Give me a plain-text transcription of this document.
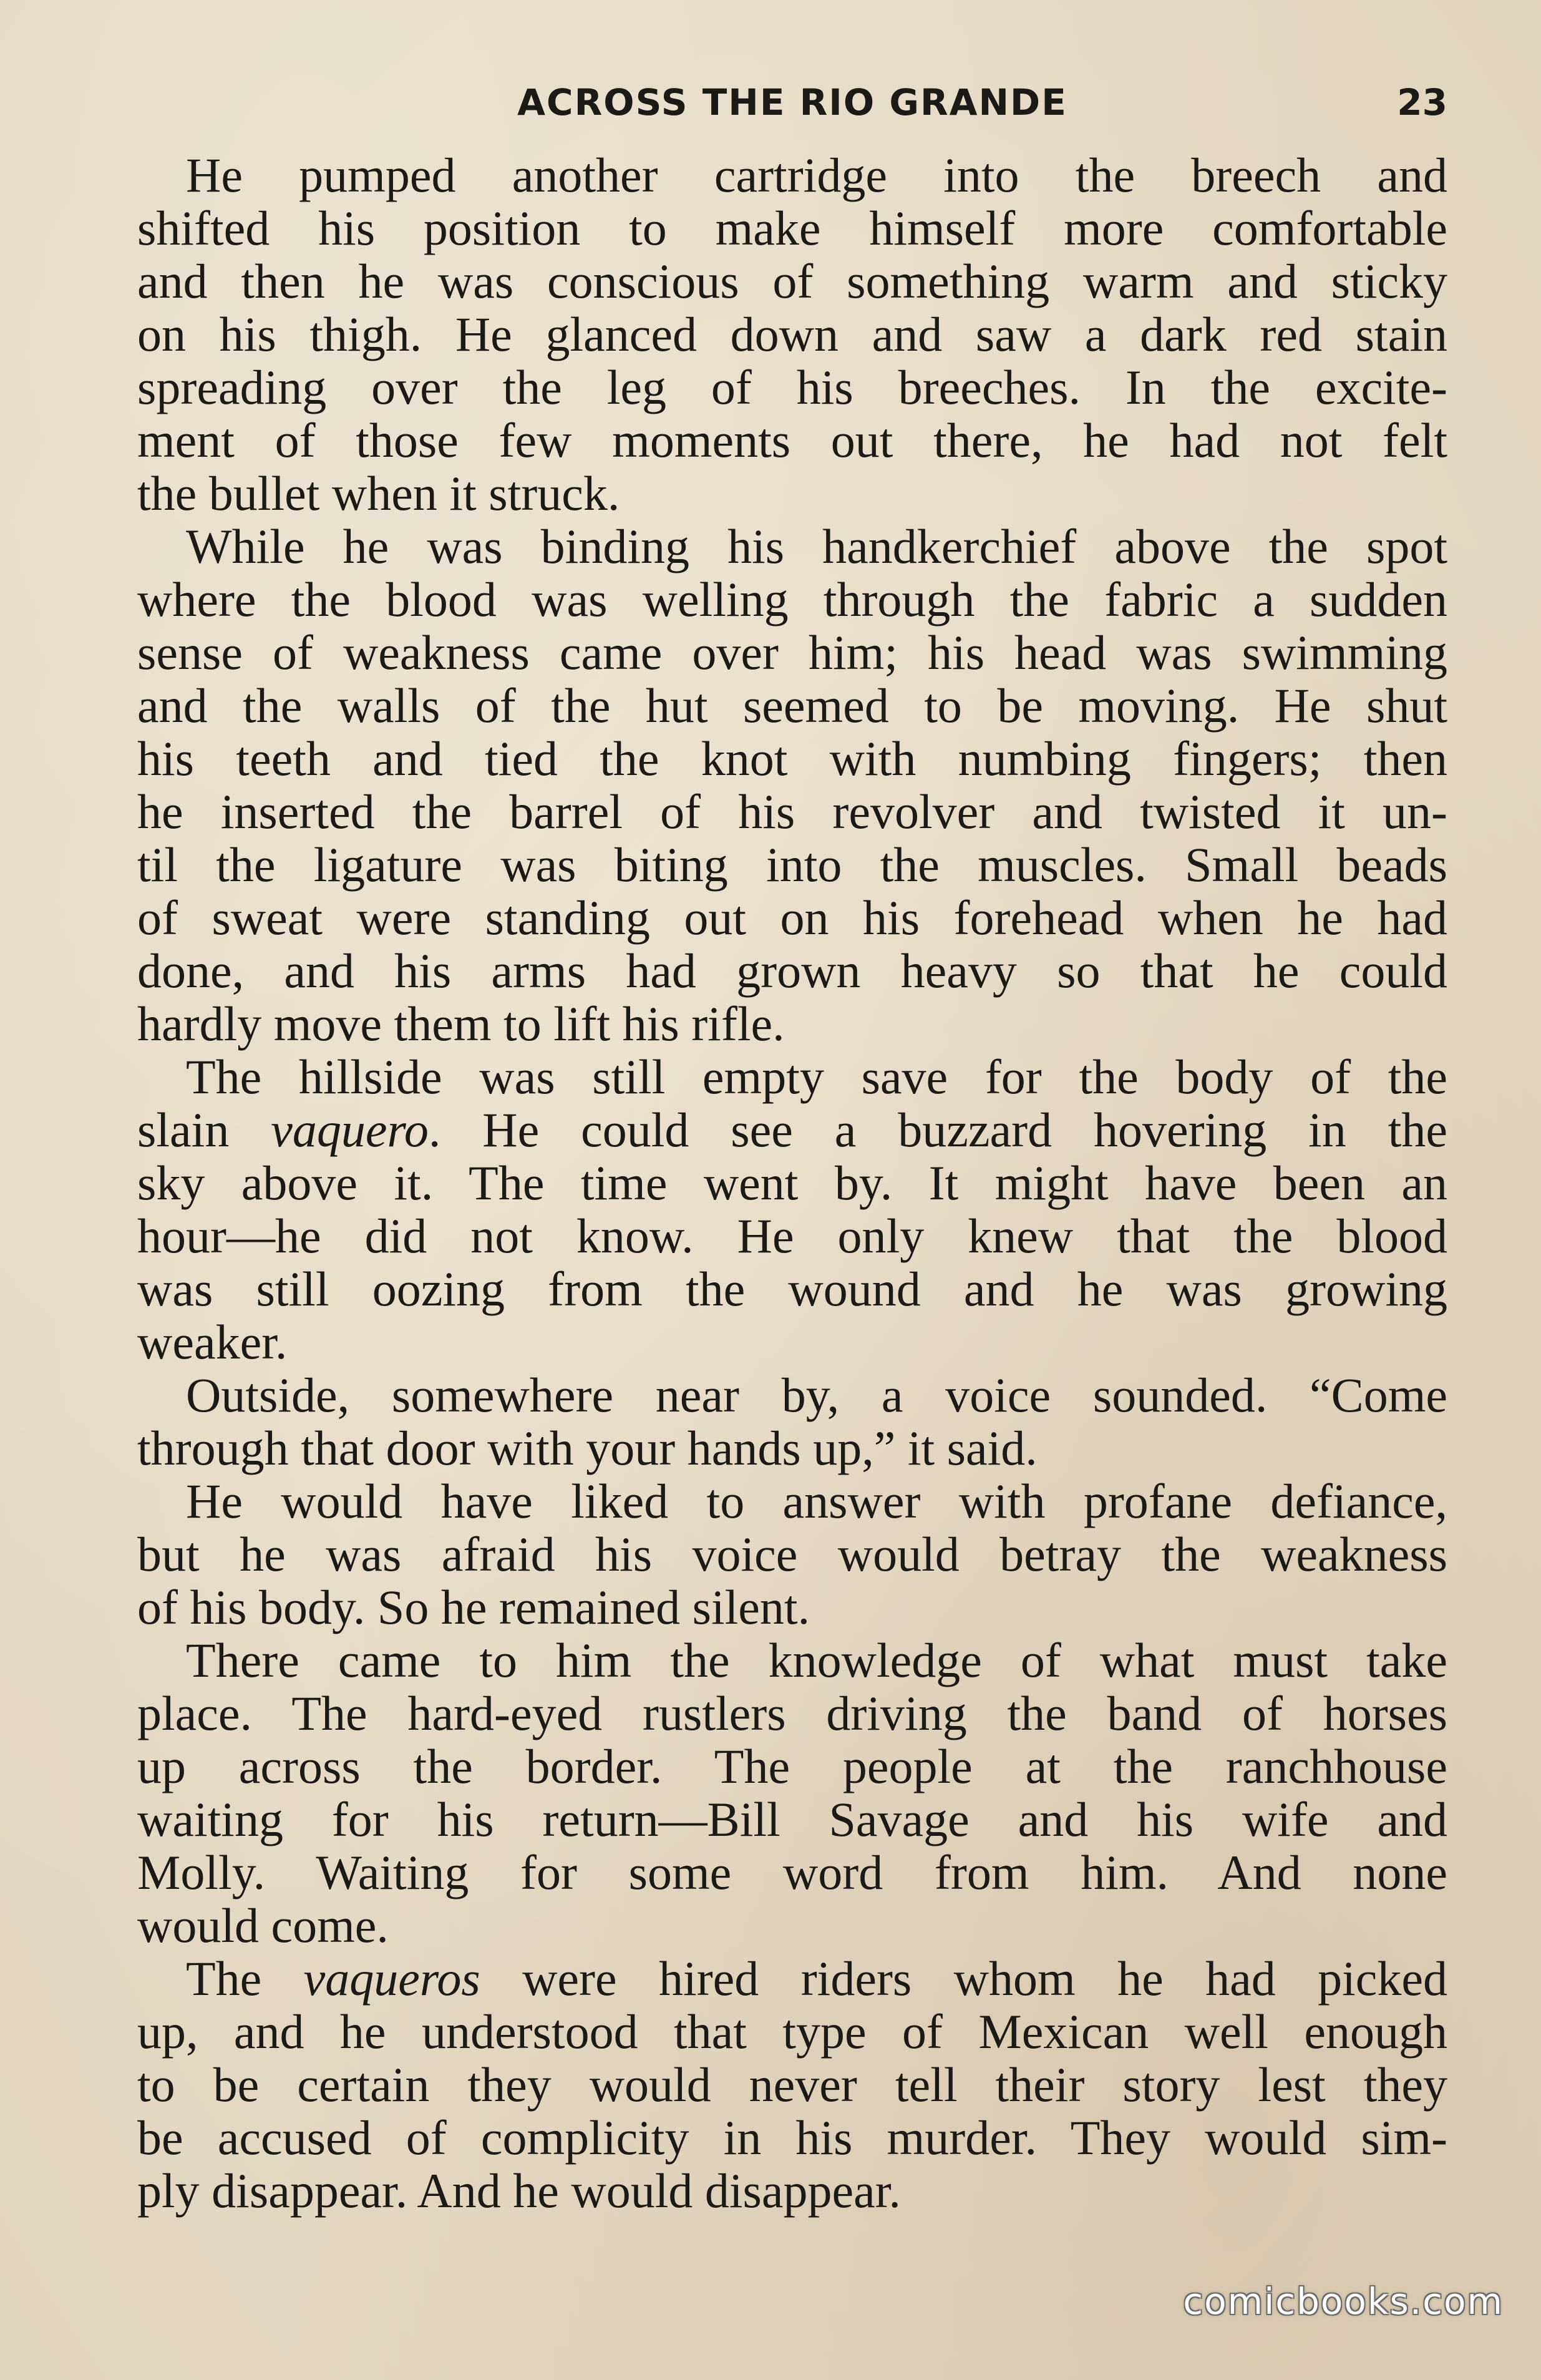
ACROSS THE RIO GRANDE	23

He pumped another cartridge into the breech and
shifted his position to make himself more comfortable
and then he was conscious of something warm and sticky
on his thigh. He glanced down and saw a dark red stain
spreading over the leg of his breeches. In the excite-
ment of those few moments out there, he had not felt
the bullet when it struck.

While he was binding his handkerchief above the spot
where the blood was welling through the fabric a sudden
sense of weakness came over him; his head was swimming
and the walls of the hut seemed to be moving. He shut
his teeth and tied the knot with numbing fingers; then
he inserted the barrel of his revolver and twisted it un-
til the ligature was biting into the muscles. Small beads
of sweat were standing out on his forehead when he had
done, and his arms had grown heavy so that he could
hardly move them to lift his rifle.

The hillside was still empty save for the body of the
slain vaquero. He could see a buzzard hovering in the
sky above it. The time went by. It might have been an
hour—he did not know. He only knew that the blood
was still oozing from the wound and he was growing
weaker.

Outside, somewhere near by, a voice sounded. “Come
through that door with your hands up,” it said.

He would have liked to answer with profane defiance,
but he was afraid his voice would betray the weakness
of his body. So he remained silent.

There came to him the knowledge of what must take
place. The hard-eyed rustlers driving the band of horses
up across the border. The people at the ranchhouse
waiting for his return—Bill Savage and his wife and
Molly. Waiting for some word from him. And none
would come.

The vaqueros were hired riders whom he had picked
up, and he understood that type of Mexican well enough
to be certain they would never tell their story lest they
be accused of complicity in his murder. They would sim-
ply disappear. And he would disappear.

comicbooks.com
